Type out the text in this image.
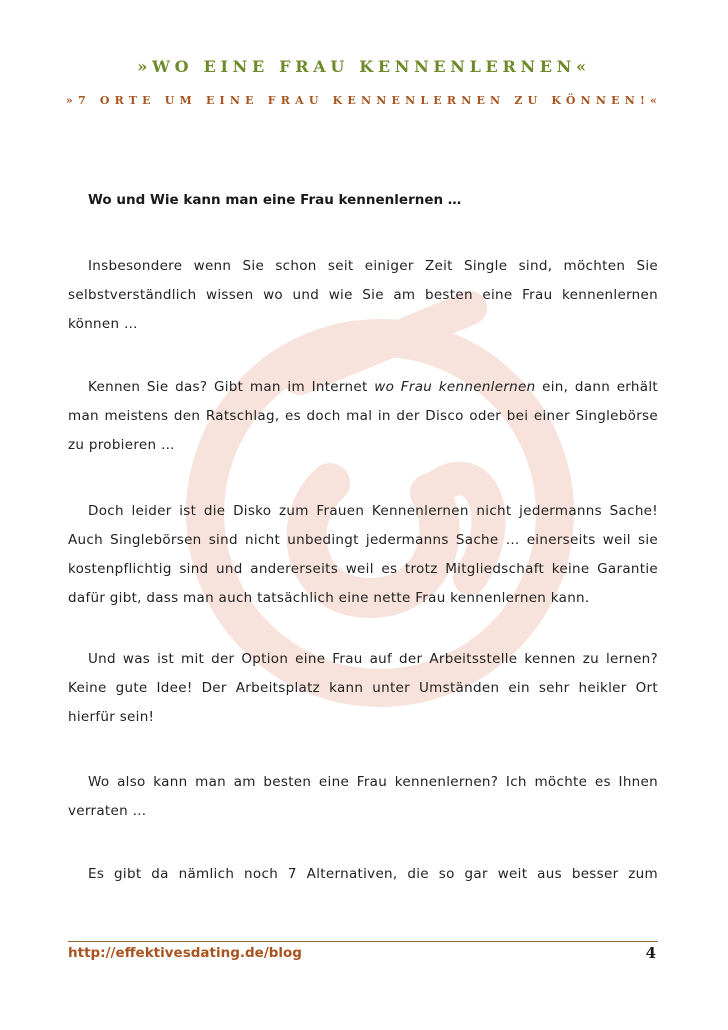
»WO EINE FRAU KENNENLERNEN«
»7 ORTE UM EINE FRAU KENNENLERNEN ZU KÖNNEN!«
Wo und Wie kann man eine Frau kennenlernen …

Insbesondere wenn Sie schon seit einiger Zeit Single sind, möchten Sie selbstverständlich wissen wo und wie Sie am besten eine Frau kennenlernen können …

Kennen Sie das? Gibt man im Internet wo Frau kennenlernen ein, dann erhält man meistens den Ratschlag, es doch mal in der Disco oder bei einer Singlebörse zu probieren …

Doch leider ist die Disko zum Frauen Kennenlernen nicht jedermanns Sache! Auch Singlebörsen sind nicht unbedingt jedermanns Sache … einerseits weil sie kostenpflichtig sind und andererseits weil es trotz Mitgliedschaft keine Garantie dafür gibt, dass man auch tatsächlich eine nette Frau kennenlernen kann.

Und was ist mit der Option eine Frau auf der Arbeitsstelle kennen zu lernen? Keine gute Idee! Der Arbeitsplatz kann unter Umständen ein sehr heikler Ort hierfür sein!

Wo also kann man am besten eine Frau kennenlernen? Ich möchte es Ihnen verraten …

Es gibt da nämlich noch 7 Alternativen, die so gar weit aus besser zum

http://effektivesdating.de/blog	4
